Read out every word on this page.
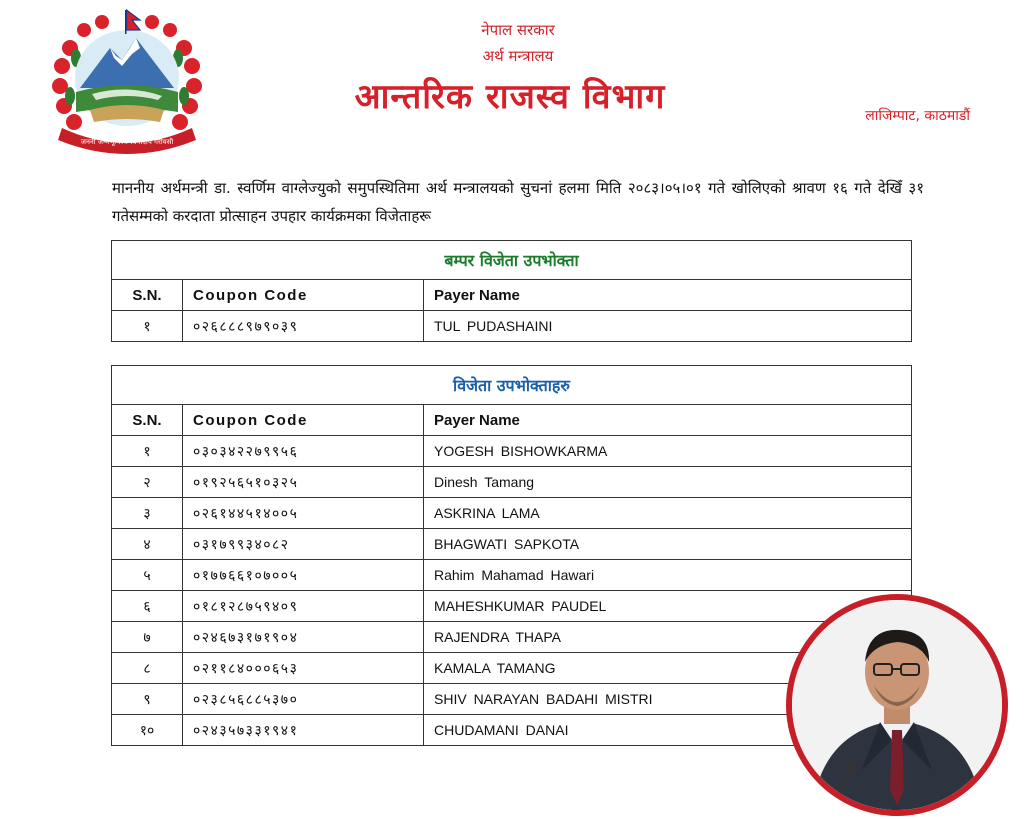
जननी जन्मभूमिश्च स्वर्गादपि गरीयसी
नेपाल सरकार
अर्थ मन्त्रालय
आन्तरिक राजस्व विभाग	लाजिम्पाट, काठमाडौं
माननीय अर्थमन्त्री डा. स्वर्णिम वाग्लेज्युको समुपस्थितिमा अर्थ मन्त्रालयको सुचनां हलमा मिति २०८३।०५।०१ गते खोलिएको श्रावण १६ गते देखिँ ३१ गतेसम्मको करदाता प्रोत्साहन उपहार कार्यक्रमका विजेताहरू
बम्पर विजेता उपभोक्ता		
S.N.	Coupon Code	Payer Name
१	०२६८८८९७९०३९	TUL PUDASHAINI
विजेता उपभोक्ताहरु		
S.N.	Coupon Code	Payer Name
१	०३०३४२२७९९५६	YOGESH BISHOWKARMA
२	०१९२५६५१०३२५	Dinesh Tamang
३	०२६१४४५१४००५	ASKRINA LAMA
४	०३१७९९३४०८२	BHAGWATI SAPKOTA
५	०१७७६६१०७००५	Rahim Mahamad Hawari
६	०१८१२८७५९४०९	MAHESHKUMAR PAUDEL
७	०२४६७३१७१९०४	RAJENDRA THAPA
८	०२११८४०००६५३	KAMALA TAMANG
९	०२३८५६८८५३७०	SHIV NARAYAN BADAHI MISTRI
१०	०२४३५७३३१९४१	CHUDAMANI DANAI
